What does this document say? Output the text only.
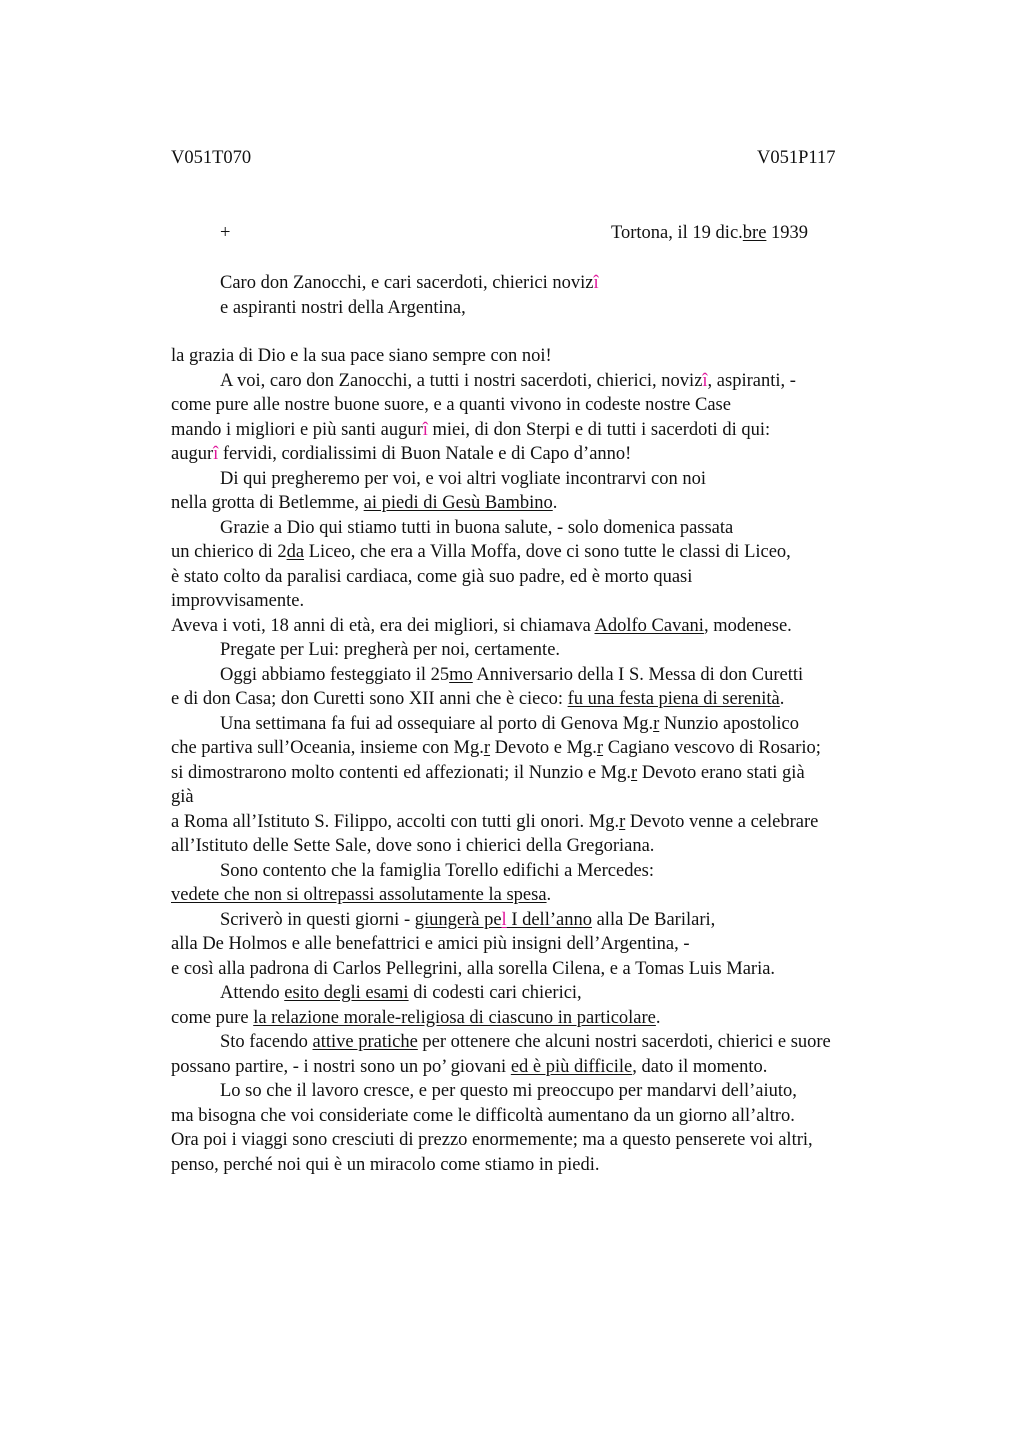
V051T070	V051P117
+	Tortona, il 19 dic.bre 1939
Caro don Zanocchi, e cari sacerdoti, chierici novizî
e aspiranti nostri della Argentina,
la grazia di Dio e la sua pace siano sempre con noi!
A voi, caro don Zanocchi, a tutti i nostri sacerdoti, chierici, novizî, aspiranti, -
come pure alle nostre buone suore, e a quanti vivono in codeste nostre Case
mando i migliori e più santi augurî miei, di don Sterpi e di tutti i sacerdoti di qui:
augurî fervidi, cordialissimi di Buon Natale e di Capo d’anno!
Di qui pregheremo per voi, e voi altri vogliate incontrarvi con noi
nella grotta di Betlemme, ai piedi di Gesù Bambino.
Grazie a Dio qui stiamo tutti in buona salute, - solo domenica passata
un chierico di 2da Liceo, che era a Villa Moffa, dove ci sono tutte le classi di Liceo,
è stato colto da paralisi cardiaca, come già suo padre, ed è morto quasi
improvvisamente.
Aveva i voti, 18 anni di età, era dei migliori, si chiamava Adolfo Cavani, modenese.
Pregate per Lui: pregherà per noi, certamente.
Oggi abbiamo festeggiato il 25mo Anniversario della I S. Messa di don Curetti
e di don Casa; don Curetti sono XII anni che è cieco: fu una festa piena di serenità.
Una settimana fa fui ad ossequiare al porto di Genova Mg.r Nunzio apostolico
che partiva sull’Oceania, insieme con Mg.r Devoto e Mg.r Cagiano vescovo di Rosario;
si dimostrarono molto contenti ed affezionati; il Nunzio e Mg.r Devoto erano stati già
già
a Roma all’Istituto S. Filippo, accolti con tutti gli onori. Mg.r Devoto venne a celebrare
all’Istituto delle Sette Sale, dove sono i chierici della Gregoriana.
Sono contento che la famiglia Torello edifichi a Mercedes:
vedete che non si oltrepassi assolutamente la spesa.
Scriverò in questi giorni - giungerà pel I dell’anno alla De Barilari,
alla De Holmos e alle benefattrici e amici più insigni dell’Argentina, -
e così alla padrona di Carlos Pellegrini, alla sorella Cilena, e a Tomas Luis Maria.
Attendo esito degli esami di codesti cari chierici,
come pure la relazione morale-religiosa di ciascuno in particolare.
Sto facendo attive pratiche per ottenere che alcuni nostri sacerdoti, chierici e suore
possano partire, - i nostri sono un po’ giovani ed è più difficile, dato il momento.
Lo so che il lavoro cresce, e per questo mi preoccupo per mandarvi dell’aiuto,
ma bisogna che voi consideriate come le difficoltà aumentano da un giorno all’altro.
Ora poi i viaggi sono cresciuti di prezzo enormemente; ma a questo penserete voi altri,
penso, perché noi qui è un miracolo come stiamo in piedi.
